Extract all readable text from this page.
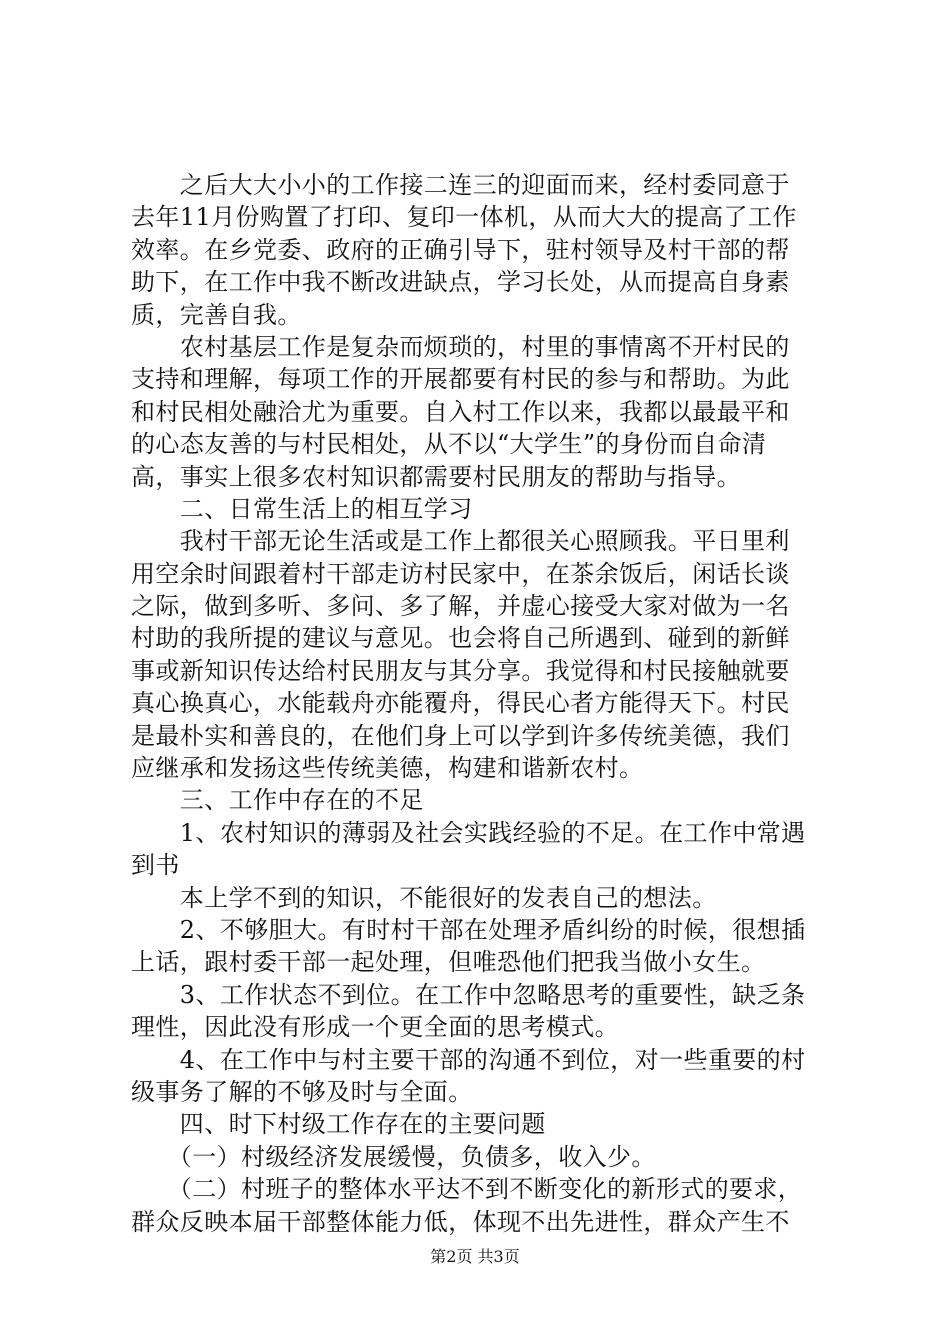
　　之后大大小小的工作接二连三的迎面而来，经村委同意于
去年11月份购置了打印、复印一体机，从而大大的提高了工作
效率。在乡党委、政府的正确引导下，驻村领导及村干部的帮
助下，在工作中我不断改进缺点，学习长处，从而提高自身素
质，完善自我。
　　农村基层工作是复杂而烦琐的，村里的事情离不开村民的
支持和理解，每项工作的开展都要有村民的参与和帮助。为此
和村民相处融洽尤为重要。自入村工作以来，我都以最最平和
的心态友善的与村民相处，从不以“大学生”的身份而自命清
高，事实上很多农村知识都需要村民朋友的帮助与指导。
　　二、日常生活上的相互学习
　　我村干部无论生活或是工作上都很关心照顾我。平日里利
用空余时间跟着村干部走访村民家中，在茶余饭后，闲话长谈
之际，做到多听、多问、多了解，并虚心接受大家对做为一名
村助的我所提的建议与意见。也会将自己所遇到、碰到的新鲜
事或新知识传达给村民朋友与其分享。我觉得和村民接触就要
真心换真心，水能载舟亦能覆舟，得民心者方能得天下。村民
是最朴实和善良的，在他们身上可以学到许多传统美德，我们
应继承和发扬这些传统美德，构建和谐新农村。
　　三、工作中存在的不足
　　1、农村知识的薄弱及社会实践经验的不足。在工作中常遇
到书
　　本上学不到的知识，不能很好的发表自己的想法。
　　2、不够胆大。有时村干部在处理矛盾纠纷的时候，很想插
上话，跟村委干部一起处理，但唯恐他们把我当做小女生。
　　3、工作状态不到位。在工作中忽略思考的重要性，缺乏条
理性，因此没有形成一个更全面的思考模式。
　　4、在工作中与村主要干部的沟通不到位，对一些重要的村
级事务了解的不够及时与全面。
　　四、时下村级工作存在的主要问题
　　（一）村级经济发展缓慢，负债多，收入少。
　　（二）村班子的整体水平达不到不断变化的新形式的要求，
群众反映本届干部整体能力低，体现不出先进性，群众产生不
第2页 共3页
